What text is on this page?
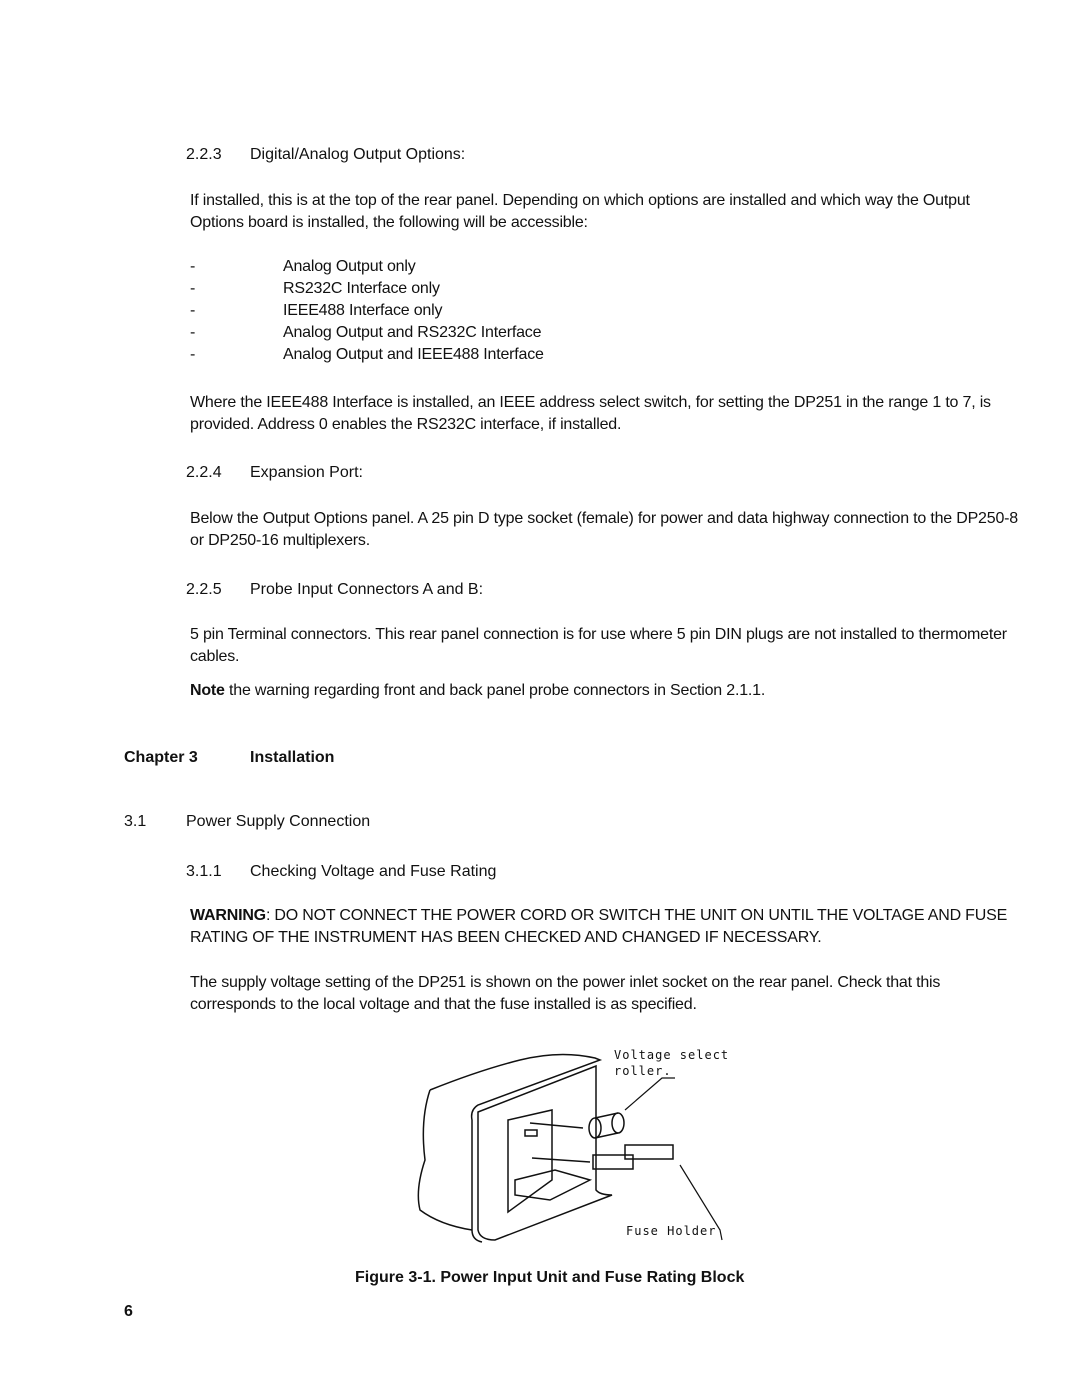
2.2.3 Digital/Analog Output Options:
If installed, this is at the top of the rear panel. Depending on which options are installed and which way the Output Options board is installed, the following will be accessible:
-	Analog Output only
-	RS232C Interface only
-	IEEE488 Interface only
-	Analog Output and RS232C Interface
-	Analog Output and IEEE488 Interface
Where the IEEE488 Interface is installed, an IEEE address select switch, for setting the DP251 in the range 1 to 7, is provided. Address 0 enables the RS232C interface, if installed.
2.2.4 Expansion Port:
Below the Output Options panel. A 25 pin D type socket (female) for power and data highway connection to the DP250-8 or DP250-16 multiplexers.
2.2.5 Probe Input Connectors A and B:
5 pin Terminal connectors. This rear panel connection is for use where 5 pin DIN plugs are not installed to thermometer cables.
Note the warning regarding front and back panel probe connectors in Section 2.1.1.
Chapter 3	Installation
3.1 Power Supply Connection
3.1.1 Checking Voltage and Fuse Rating
WARNING: DO NOT CONNECT THE POWER CORD OR SWITCH THE UNIT ON UNTIL THE VOLTAGE AND FUSE RATING OF THE INSTRUMENT HAS BEEN CHECKED AND CHANGED IF NECESSARY.
The supply voltage setting of the DP251 is shown on the power inlet socket on the rear panel. Check that this corresponds to the local voltage and that the fuse installed is as specified.
Voltage select
roller.
Fuse Holder
Figure 3-1. Power Input Unit and Fuse Rating Block
6
